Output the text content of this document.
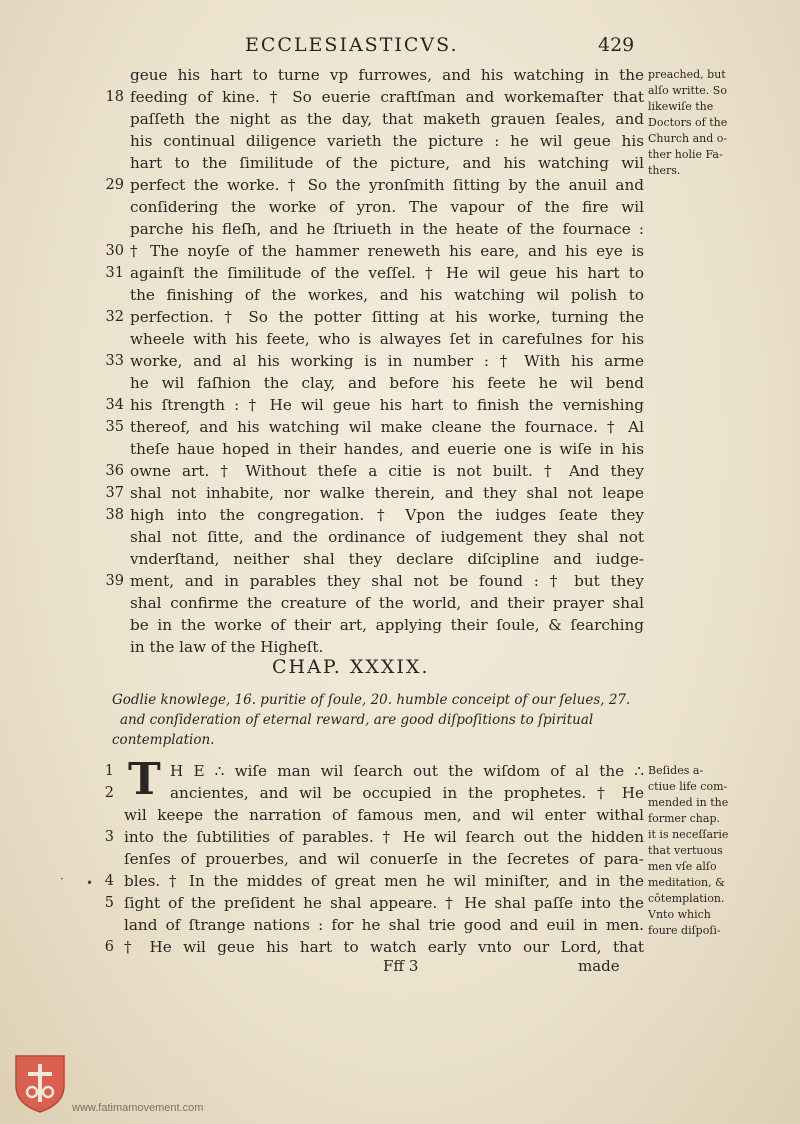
ECCLESIASTICVS.	429
geue his hart to turne vp furrowes, and his watching in the
18 feeding of kine. † So euerie craftſman and workemaſter that
paſſeth the night as the day, that maketh grauen ſeales, and
his continual diligence varieth the picture : he wil geue his
hart to the ſimilitude of the picture, and his watching wil
29 perfect the worke. † So the yronſmith ſitting by the anuil and
conſidering the worke of yron. The vapour of the fire wil
parche his fleſh, and he ſtriueth in the heate of the fournace :
30 † The noyſe of the hammer reneweth his eare, and his eye is
31 againſt the ſimilitude of the veſſel. † He wil geue his hart to
the finishing of the workes, and his watching wil polish to
32 perfection. † So the potter ſitting at his worke, turning the
wheele with his feete, who is alwayes ſet in carefulnes for his
33 worke, and al his working is in number : † With his arme
he wil faſhion the clay, and before his feete he wil bend
34 his ſtrength : † He wil geue his hart to finish the vernishing
35 thereof, and his watching wil make cleane the fournace. † Al
theſe haue hoped in their handes, and euerie one is wiſe in his
36 owne art. † Without theſe a citie is not built. † And they
37 shal not inhabite, nor walke therein, and they shal not leape
38 high into the congregation. † Vpon the iudges ſeate they
shal not ſitte, and the ordinance of iudgement they shal not
vnderſtand, neither shal they declare diſcipline and iudge-
39 ment, and in parables they shal not be found : † but they
shal confirme the creature of the world, and their prayer shal
be in the worke of their art, applying their ſoule, & ſearching
in the law of the Higheſt.
preached, but
alſo writte. So
likewiſe the
Doctors of the
Church and o-
ther holie Fa-
thers.
CHAP. XXXIX.
Godlie knowlege, 16. puritie of ſoule, 20. humble conceipt of our ſelues, 27.
and conſideration of eternal reward, are good diſpoſitions to ſpiritual
contemplation.
T
1	H E ∴ wiſe man wil ſearch out the wiſdom of al the ∴
2	ancientes, and wil be occupied in the prophetes. † He
wil keepe the narration of famous men, and wil enter withal
3 into the ſubtilities of parables. † He wil ſearch out the hidden
ſenſes of prouerbes, and wil conuerſe in the ſecretes of para-
4 bles. † In the middes of great men he wil miniſter, and in the
5 ſight of the preſident he shal appeare. † He shal paſſe into the
land of ſtrange nations : for he shal trie good and euil in men.
6 † He wil geue his hart to watch early vnto our Lord, that
•
·
Beſides a-
ctiue life com-
mended in the
former chap.
it is neceſſarie
that vertuous
men vſe alſo
meditation, &
cōtemplation.
Vnto which
foure diſpoſi-
Fff 3	made
www.fatimamovement.com
